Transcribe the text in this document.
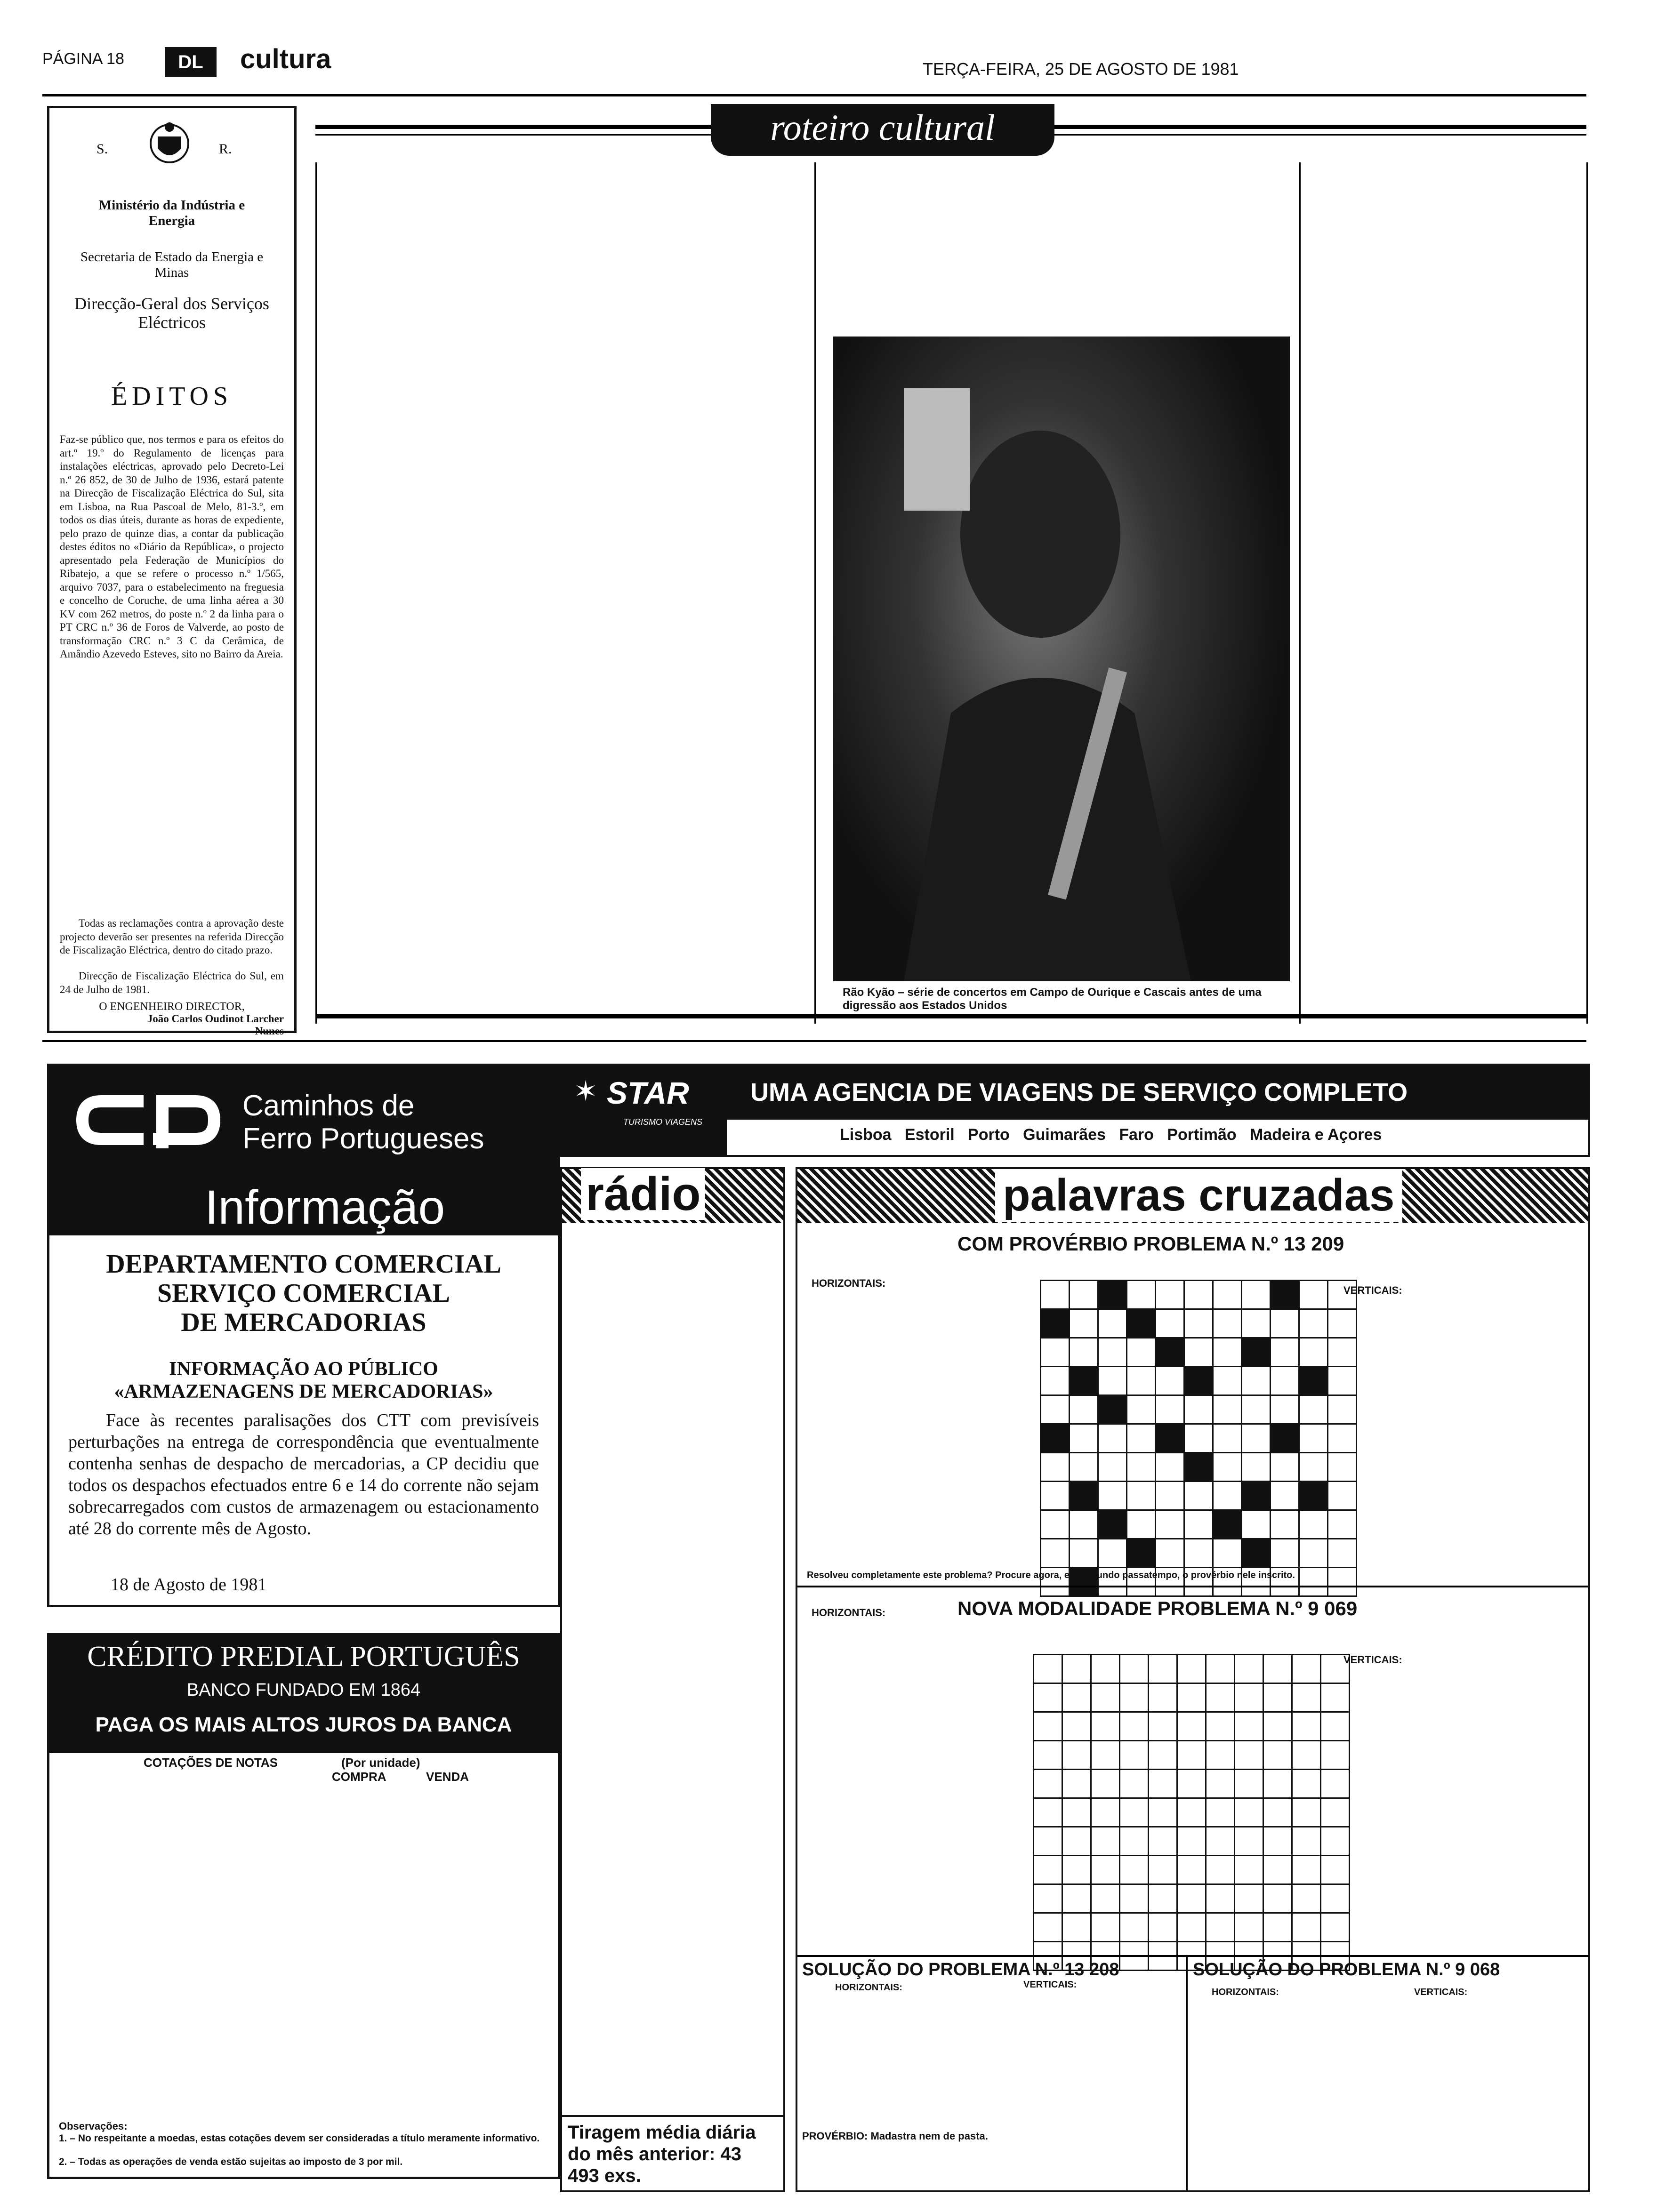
PÁGINA 18	DL	cultura	TERÇA-FEIRA, 25 DE AGOSTO DE 1981
S.	R.
Ministério da Indústria e Energia
Secretaria de Estado da Energia e Minas
Direcção-Geral dos Serviços Eléctricos
ÉDITOS
Faz-se público que, nos termos e para os efeitos do art.º 19.º do Regulamento de licenças para instalações eléctricas, aprovado pelo Decreto-Lei n.º 26 852, de 30 de Julho de 1936, estará patente na Direcção de Fiscalização Eléctrica do Sul, sita em Lisboa, na Rua Pascoal de Melo, 81-3.º, em todos os dias úteis, durante as horas de expediente, pelo prazo de quinze dias, a contar da publicação destes éditos no «Diário da República», o projecto apresentado pela Federação de Municípios do Ribatejo, a que se refere o processo n.º 1/565, arquivo 7037, para o estabelecimento na freguesia e concelho de Coruche, de uma linha aérea a 30 KV com 262 metros, do poste n.º 2 da linha para o PT CRC n.º 36 de Foros de Valverde, ao posto de transformação CRC n.º 3 C da Cerâmica, de Amândio Azevedo Esteves, sito no Bairro da Areia.
Todas as reclamações contra a aprovação deste projecto deverão ser presentes na referida Direcção de Fiscalização Eléctrica, dentro do citado prazo.
Direcção de Fiscalização Eléctrica do Sul, em 24 de Julho de 1981.
O ENGENHEIRO DIRECTOR,
João Carlos Oudinot Larcher Nunes
roteiro cultural

Rão Kyão – série de concertos em Campo de Ourique e Cascais antes de uma digressão aos Estados Unidos
Caminhos de Ferro Portugueses
Informação
DEPARTAMENTO COMERCIAL
SERVIÇO COMERCIAL
DE MERCADORIAS
INFORMAÇÃO AO PÚBLICO
«ARMAZENAGENS DE MERCADORIAS»
Face às recentes paralisações dos CTT com previsíveis perturbações na entrega de correspondência que eventualmente contenha senhas de despacho de mercadorias, a CP decidiu que todos os despachos efectuados entre 6 e 14 do corrente não sejam sobrecarregados com custos de armazenagem ou estacionamento até 28 do corrente mês de Agosto.
18 de Agosto de 1981
CRÉDITO PREDIAL PORTUGUÊS
BANCO FUNDADO EM 1864
PAGA OS MAIS ALTOS JUROS DA BANCA
COTAÇÕES DE NOTAS	(Por unidade)
COMPRA	VENDA
Observações:
1. – No respeitante a moedas, estas cotações devem ser consideradas a título meramente informativo.
2. – Todas as operações de venda estão sujeitas ao imposto de 3 por mil.
✶ STAR
TURISMO VIAGENS
UMA AGENCIA DE VIAGENS DE SERVIÇO COMPLETO
Lisboa   Estoril   Porto   Guimarães   Faro   Portimão   Madeira e Açores
rádio
Tiragem média diária do mês anterior: 43 493 exs.
palavras cruzadas
COM PROVÉRBIO PROBLEMA N.º 13 209
HORIZONTAIS:
VERTICAIS:

Resolveu completamente este problema? Procure agora, em segundo passatempo, o provérbio nele inscrito.
HORIZONTAIS:	NOVA MODALIDADE PROBLEMA N.º 9 069
VERTICAIS:

SOLUÇÃO DO PROBLEMA N.º 13 208
HORIZONTAIS:	VERTICAIS:
PROVÉRBIO: Madastra nem de pasta.
SOLUÇÃO DO PROBLEMA N.º 9 068
HORIZONTAIS:	VERTICAIS:
